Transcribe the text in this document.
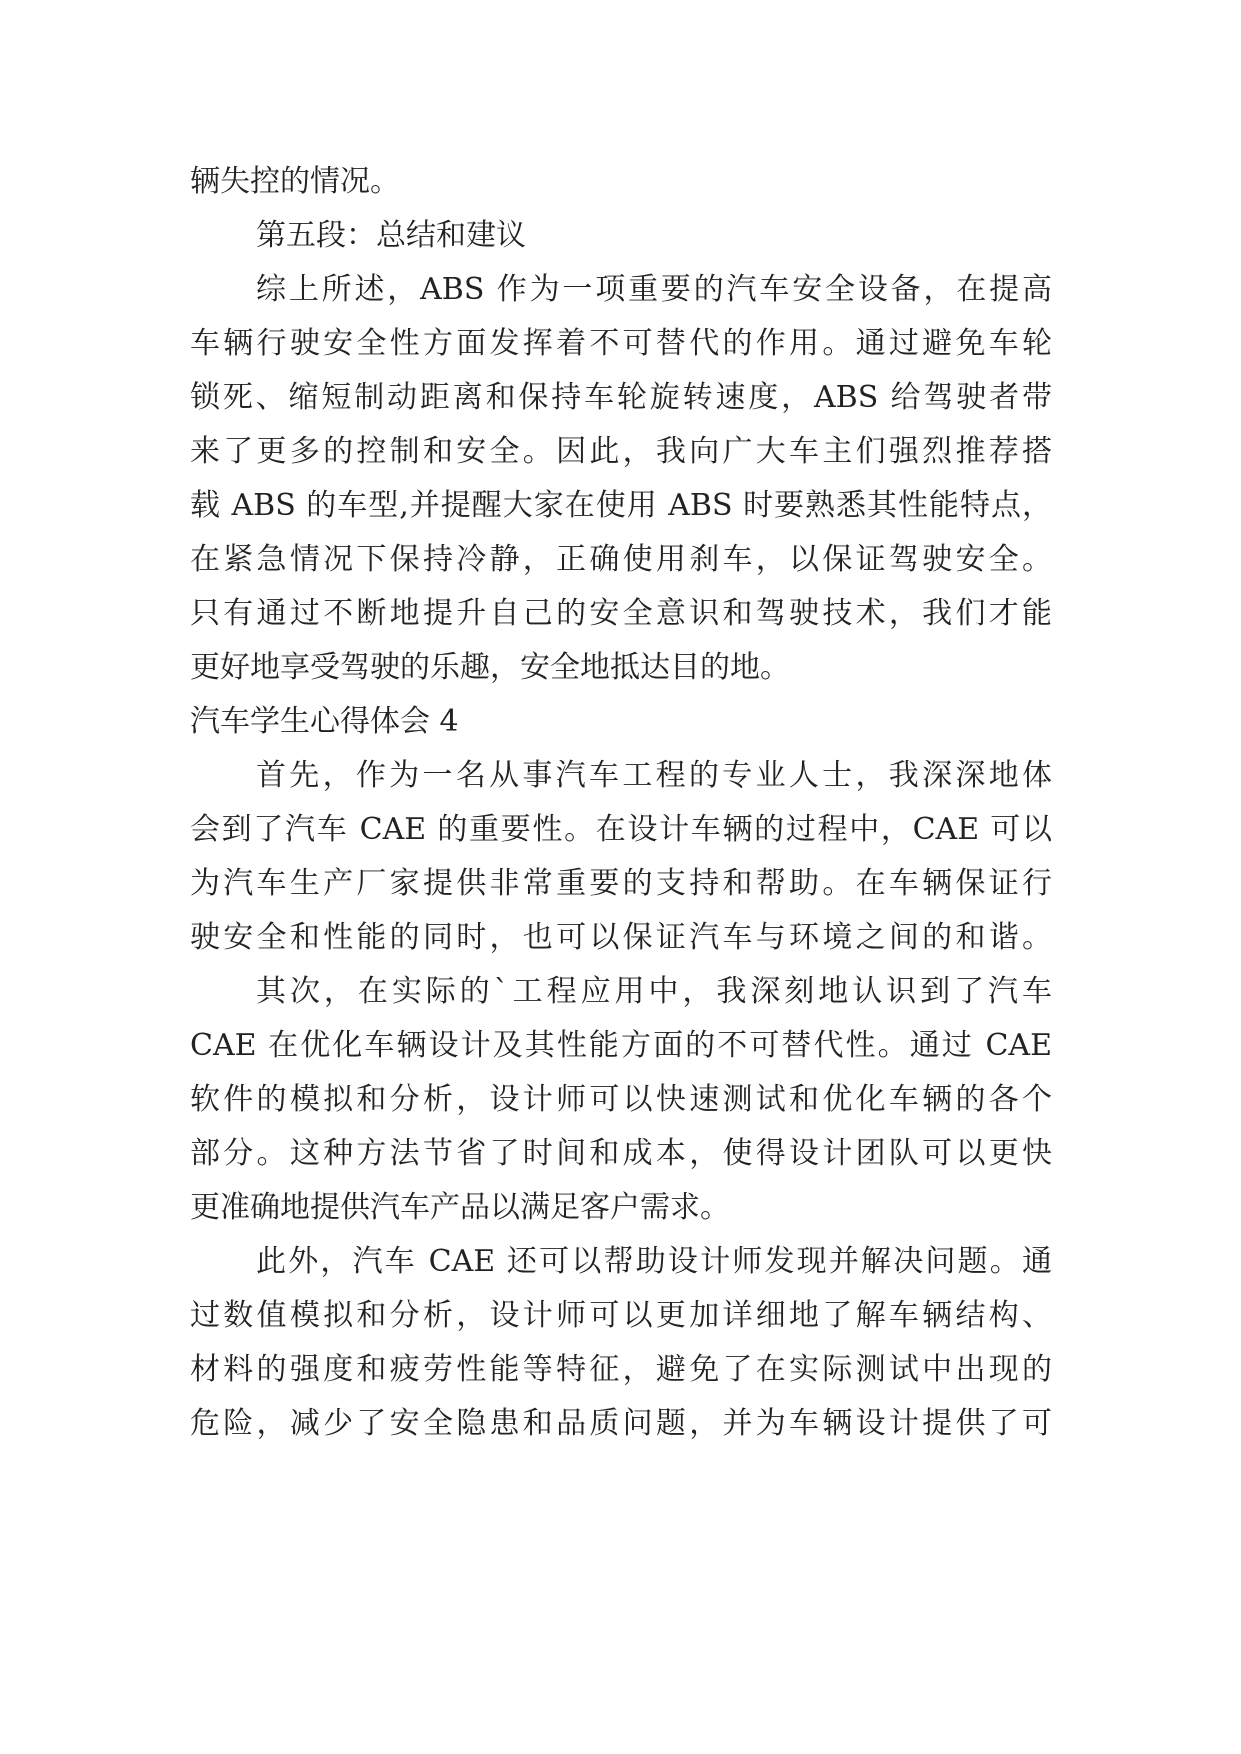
辆失控的情况。
第五段：总结和建议
综上所述，ABS 作为一项重要的汽车安全设备，在提高
车辆行驶安全性方面发挥着不可替代的作用。通过避免车轮
锁死、缩短制动距离和保持车轮旋转速度，ABS 给驾驶者带
来了更多的控制和安全。因此，我向广大车主们强烈推荐搭
载 ABS 的车型,并提醒大家在使用 ABS 时要熟悉其性能特点，
在紧急情况下保持冷静，正确使用刹车，以保证驾驶安全。
只有通过不断地提升自己的安全意识和驾驶技术，我们才能
更好地享受驾驶的乐趣，安全地抵达目的地。
汽车学生心得体会 4
首先，作为一名从事汽车工程的专业人士，我深深地体
会到了汽车 CAE 的重要性。在设计车辆的过程中，CAE 可以
为汽车生产厂家提供非常重要的支持和帮助。在车辆保证行
驶安全和性能的同时，也可以保证汽车与环境之间的和谐。
其次，在实际的`工程应用中，我深刻地认识到了汽车
CAE 在优化车辆设计及其性能方面的不可替代性。通过 CAE
软件的模拟和分析，设计师可以快速测试和优化车辆的各个
部分。这种方法节省了时间和成本，使得设计团队可以更快
更准确地提供汽车产品以满足客户需求。
此外，汽车 CAE 还可以帮助设计师发现并解决问题。通
过数值模拟和分析，设计师可以更加详细地了解车辆结构、
材料的强度和疲劳性能等特征，避免了在实际测试中出现的
危险，减少了安全隐患和品质问题，并为车辆设计提供了可
